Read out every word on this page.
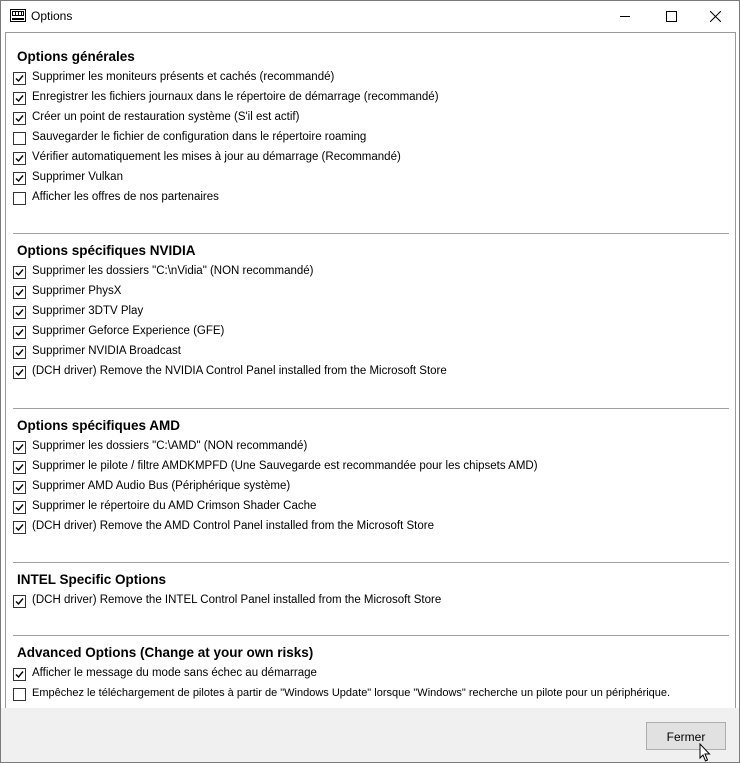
Options
Options générales
Supprimer les moniteurs présents et cachés (recommandé)
Enregistrer les fichiers journaux dans le répertoire de démarrage (recommandé)
Créer un point de restauration système (S'il est actif)
Sauvegarder le fichier de configuration dans le répertoire roaming
Vérifier automatiquement les mises à jour au démarrage (Recommandé)
Supprimer Vulkan
Afficher les offres de nos partenaires
Options spécifiques NVIDIA
Supprimer les dossiers "C:\nVidia" (NON recommandé)
Supprimer PhysX
Supprimer 3DTV Play
Supprimer Geforce Experience (GFE)
Supprimer NVIDIA Broadcast
(DCH driver) Remove the NVIDIA Control Panel installed from the Microsoft Store
Options spécifiques AMD
Supprimer les dossiers "C:\AMD" (NON recommandé)
Supprimer le pilote / filtre AMDKMPFD (Une Sauvegarde est recommandée pour les chipsets AMD)
Supprimer AMD Audio Bus (Périphérique système)
Supprimer le répertoire du AMD Crimson Shader Cache
(DCH driver) Remove the AMD Control Panel installed from the Microsoft Store
INTEL Specific Options
(DCH driver) Remove the INTEL Control Panel installed from the Microsoft Store
Advanced Options (Change at your own risks)
Afficher le message du mode sans échec au démarrage
Empêchez le téléchargement de pilotes à partir de "Windows Update" lorsque "Windows" recherche un pilote pour un périphérique.
Fermer
